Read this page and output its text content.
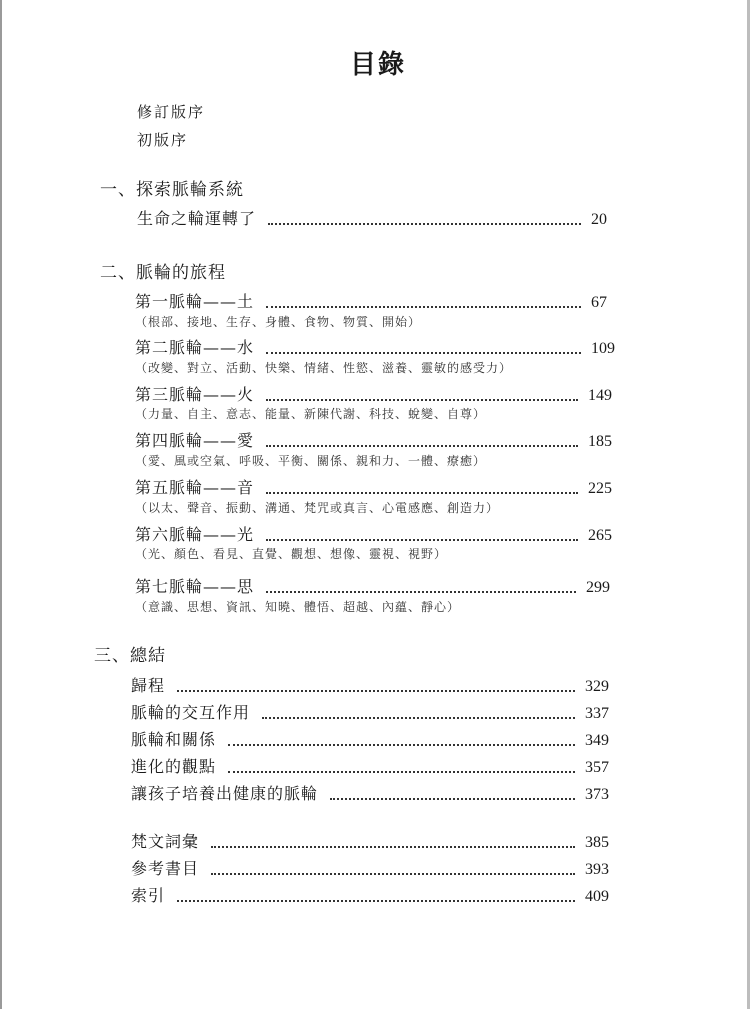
目錄
修訂版序
初版序
一、探索脈輪系統
生命之輪運轉了	20
二、脈輪的旅程
第一脈輪——土	67
（根部、接地、生存、身體、食物、物質、開始）
第二脈輪——水	109
（改變、對立、活動、快樂、情緒、性慾、滋養、靈敏的感受力）
第三脈輪——火	149
（力量、自主、意志、能量、新陳代謝、科技、蛻變、自尊）
第四脈輪——愛	185
（愛、風或空氣、呼吸、平衡、關係、親和力、一體、療癒）
第五脈輪——音	225
（以太、聲音、振動、溝通、梵咒或真言、心電感應、創造力）
第六脈輪——光	265
（光、顏色、看見、直覺、觀想、想像、靈視、視野）
第七脈輪——思	299
（意識、思想、資訊、知曉、體悟、超越、內蘊、靜心）
三、總結
歸程	329
脈輪的交互作用	337
脈輪和關係	349
進化的觀點	357
讓孩子培養出健康的脈輪	373
梵文詞彙	385
參考書目	393
索引	409
